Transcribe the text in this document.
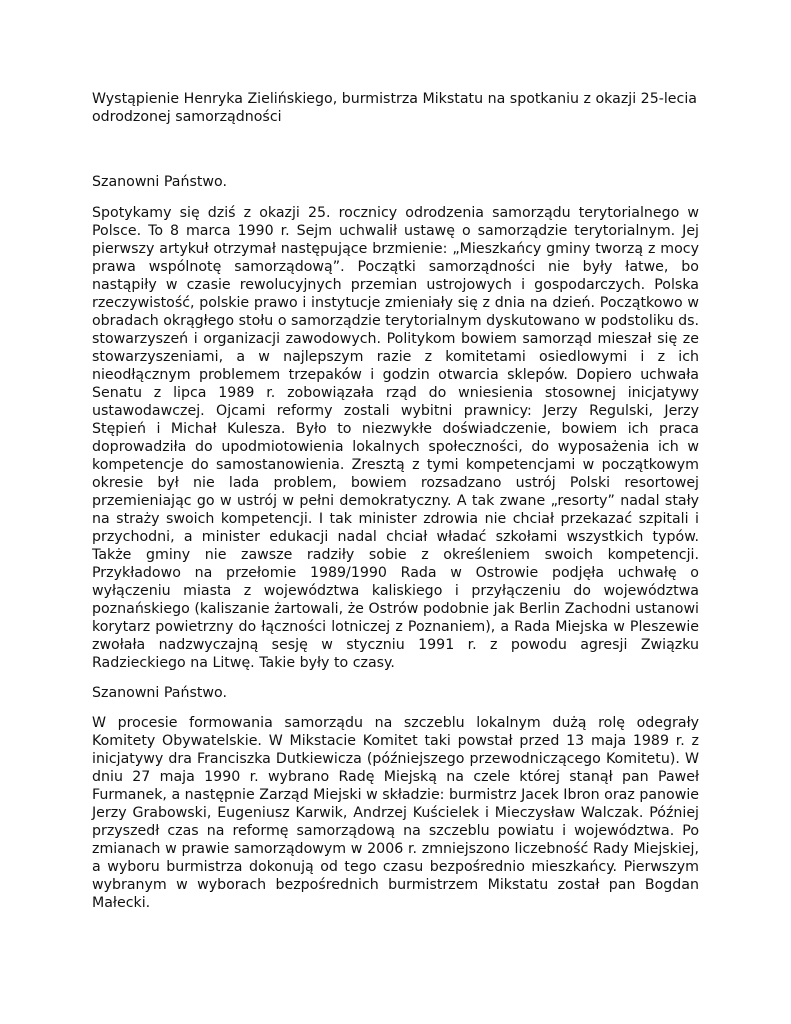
Wystąpienie Henryka Zielińskiego, burmistrza Mikstatu na spotkaniu z okazji 25-lecia odrodzonej samorządności

Szanowni Państwo.

Spotykamy się dziś z okazji 25. rocznicy odrodzenia samorządu terytorialnego w Polsce. To 8 marca 1990 r. Sejm uchwalił ustawę o samorządzie terytorialnym. Jej pierwszy artykuł otrzymał następujące brzmienie: „Mieszkańcy gminy tworzą z mocy prawa wspólnotę samorządową”. Początki samorządności nie były łatwe, bo nastąpiły w czasie rewolucyjnych przemian ustrojowych i gospodarczych. Polska rzeczywistość, polskie prawo i instytucje zmieniały się z dnia na dzień. Początkowo w obradach okrągłego stołu o samorządzie terytorialnym dyskutowano w podstoliku ds. stowarzyszeń i organizacji zawodowych. Politykom bowiem samorząd mieszał się ze stowarzyszeniami, a w najlepszym razie z komitetami osiedlowymi i z ich nieodłącznym problemem trzepaków i godzin otwarcia sklepów. Dopiero uchwała Senatu z lipca 1989 r. zobowiązała rząd do wniesienia stosownej inicjatywy ustawodawczej. Ojcami reformy zostali wybitni prawnicy: Jerzy Regulski, Jerzy Stępień i Michał Kulesza. Było to niezwykłe doświadczenie, bowiem ich praca doprowadziła do upodmiotowienia lokalnych społeczności, do wyposażenia ich w kompetencje do samostanowienia. Zresztą z tymi kompetencjami w początkowym okresie był nie lada problem, bowiem rozsadzano ustrój Polski resortowej przemieniając go w ustrój w pełni demokratyczny. A tak zwane „resorty” nadal stały na straży swoich kompetencji. I tak minister zdrowia nie chciał przekazać szpitali i przychodni, a minister edukacji nadal chciał władać szkołami wszystkich typów. Także gminy nie zawsze radziły sobie z określeniem swoich kompetencji. Przykładowo na przełomie 1989/1990 Rada w Ostrowie podjęła uchwałę o wyłączeniu miasta z województwa kaliskiego i przyłączeniu do województwa poznańskiego (kaliszanie żartowali, że Ostrów podobnie jak Berlin Zachodni ustanowi korytarz powietrzny do łączności lotniczej z Poznaniem), a Rada Miejska w Pleszewie zwołała nadzwyczajną sesję w styczniu 1991 r. z powodu agresji Związku Radzieckiego na Litwę. Takie były to czasy.

Szanowni Państwo.

W procesie formowania samorządu na szczeblu lokalnym dużą rolę odegrały Komitety Obywatelskie. W Mikstacie Komitet taki powstał przed 13 maja 1989 r. z inicjatywy dra Franciszka Dutkiewicza (późniejszego przewodniczącego Komitetu). W dniu 27 maja 1990 r. wybrano Radę Miejską na czele której stanął pan Paweł Furmanek, a następnie Zarząd Miejski w składzie: burmistrz Jacek Ibron oraz panowie Jerzy Grabowski, Eugeniusz Karwik, Andrzej Kuścielek i Mieczysław Walczak. Później przyszedł czas na reformę samorządową na szczeblu powiatu i województwa. Po zmianach w prawie samorządowym w 2006 r. zmniejszono liczebność Rady Miejskiej, a wyboru burmistrza dokonują od tego czasu bezpośrednio mieszkańcy. Pierwszym wybranym w wyborach bezpośrednich burmistrzem Mikstatu został pan Bogdan Małecki.
